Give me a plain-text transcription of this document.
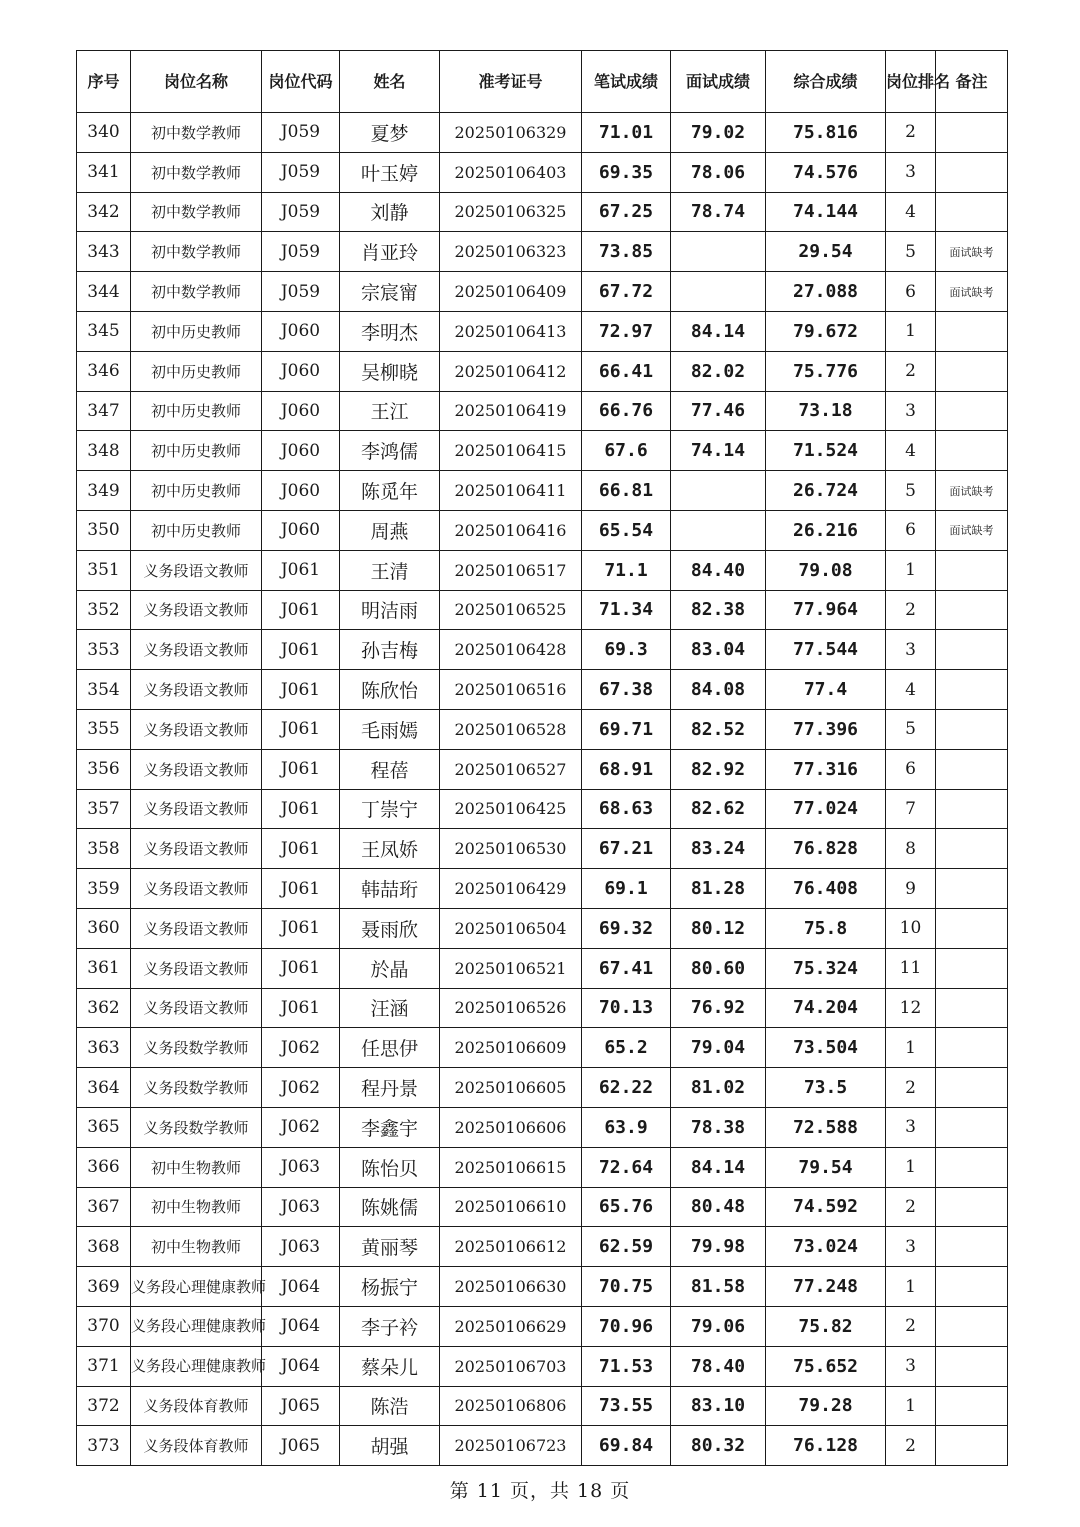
序号	岗位名称	岗位代码	姓名	准考证号	笔试成绩	面试成绩	综合成绩	岗位排名	备注
340	初中数学教师	J059	夏梦	20250106329	71.01	79.02	75.816	2	
341	初中数学教师	J059	叶玉婷	20250106403	69.35	78.06	74.576	3	
342	初中数学教师	J059	刘静	20250106325	67.25	78.74	74.144	4	
343	初中数学教师	J059	肖亚玲	20250106323	73.85		29.54	5	面试缺考
344	初中数学教师	J059	宗宸甯	20250106409	67.72		27.088	6	面试缺考
345	初中历史教师	J060	李明杰	20250106413	72.97	84.14	79.672	1	
346	初中历史教师	J060	吴柳晓	20250106412	66.41	82.02	75.776	2	
347	初中历史教师	J060	王江	20250106419	66.76	77.46	73.18	3	
348	初中历史教师	J060	李鸿儒	20250106415	67.6	74.14	71.524	4	
349	初中历史教师	J060	陈觅年	20250106411	66.81		26.724	5	面试缺考
350	初中历史教师	J060	周燕	20250106416	65.54		26.216	6	面试缺考
351	义务段语文教师	J061	王清	20250106517	71.1	84.40	79.08	1	
352	义务段语文教师	J061	明洁雨	20250106525	71.34	82.38	77.964	2	
353	义务段语文教师	J061	孙吉梅	20250106428	69.3	83.04	77.544	3	
354	义务段语文教师	J061	陈欣怡	20250106516	67.38	84.08	77.4	4	
355	义务段语文教师	J061	毛雨嫣	20250106528	69.71	82.52	77.396	5	
356	义务段语文教师	J061	程蓓	20250106527	68.91	82.92	77.316	6	
357	义务段语文教师	J061	丁崇宁	20250106425	68.63	82.62	77.024	7	
358	义务段语文教师	J061	王凤娇	20250106530	67.21	83.24	76.828	8	
359	义务段语文教师	J061	韩喆珩	20250106429	69.1	81.28	76.408	9	
360	义务段语文教师	J061	聂雨欣	20250106504	69.32	80.12	75.8	10	
361	义务段语文教师	J061	於晶	20250106521	67.41	80.60	75.324	11	
362	义务段语文教师	J061	汪涵	20250106526	70.13	76.92	74.204	12	
363	义务段数学教师	J062	任思伊	20250106609	65.2	79.04	73.504	1	
364	义务段数学教师	J062	程丹景	20250106605	62.22	81.02	73.5	2	
365	义务段数学教师	J062	李鑫宇	20250106606	63.9	78.38	72.588	3	
366	初中生物教师	J063	陈怡贝	20250106615	72.64	84.14	79.54	1	
367	初中生物教师	J063	陈姚儒	20250106610	65.76	80.48	74.592	2	
368	初中生物教师	J063	黄丽琴	20250106612	62.59	79.98	73.024	3	
369	义务段心理健康教师	J064	杨振宁	20250106630	70.75	81.58	77.248	1	
370	义务段心理健康教师	J064	李子衿	20250106629	70.96	79.06	75.82	2	
371	义务段心理健康教师	J064	蔡朵儿	20250106703	71.53	78.40	75.652	3	
372	义务段体育教师	J065	陈浩	20250106806	73.55	83.10	79.28	1	
373	义务段体育教师	J065	胡强	20250106723	69.84	80.32	76.128	2	
第 11 页，共 18 页
